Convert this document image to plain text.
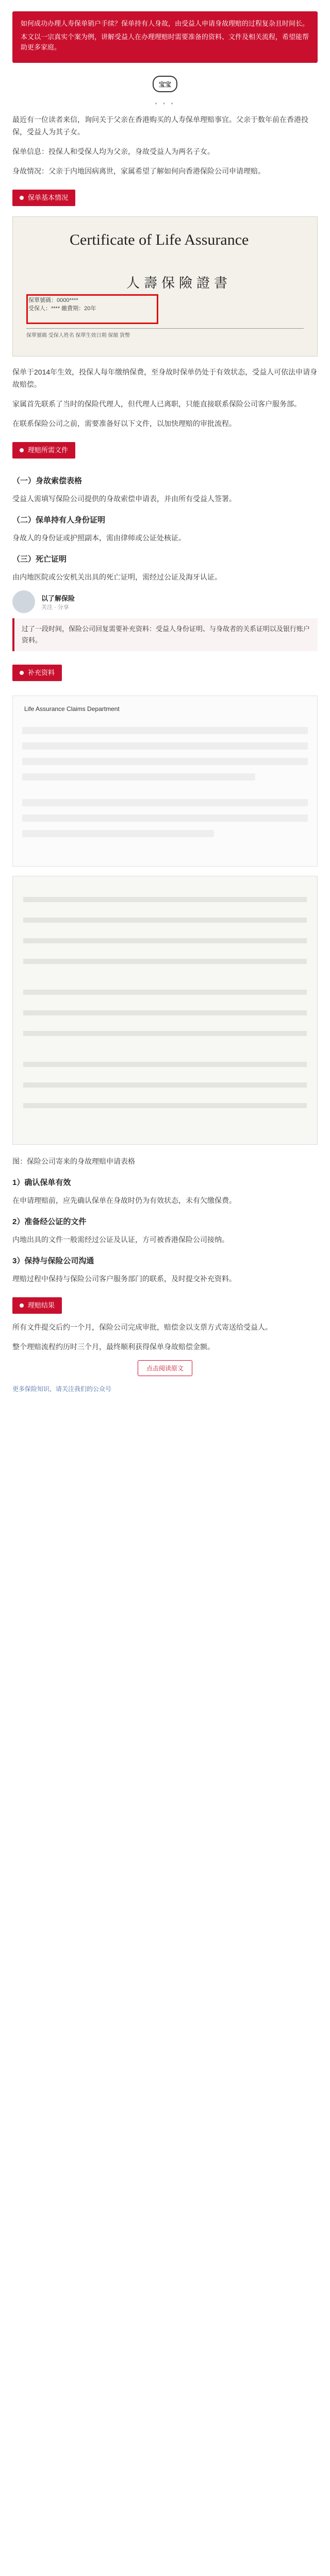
如何成功办理人寿保单销户手续？保单持有人身故，由受益人申请身故理赔的过程复杂且时间长。

本文以一宗真实个案为例，讲解受益人在办理理赔时需要准备的资料、文件及相关流程，希望能帮助更多家庭。

宝宝
• • •

最近有一位读者来信，询问关于父亲在香港购买的人寿保单理赔事宜。父亲于数年前在香港投保，受益人为其子女。

保单信息：投保人和受保人均为父亲，身故受益人为两名子女。

身故情况：父亲于内地因病离世，家属希望了解如何向香港保险公司申请理赔。

保单基本情况
Certificate of Life Assurance
人壽保險證書
保單號碼：0000****
受保人：**** 繳費期：20年
保單號碼 受保人姓名 保單生效日期 保額 貨幣

保单于2014年生效，投保人每年缴纳保费，至身故时保单仍处于有效状态，受益人可依法申请身故赔偿。

家属首先联系了当时的保险代理人，但代理人已离职，只能直接联系保险公司客户服务部。

在联系保险公司之前，需要准备好以下文件，以加快理赔的审批流程。

理赔所需文件
（一）身故索偿表格

受益人需填写保险公司提供的身故索偿申请表，并由所有受益人签署。

（二）保单持有人身份证明

身故人的身份证或护照副本，需由律师或公证处核证。

（三）死亡证明

由内地医院或公安机关出具的死亡证明，需经过公证及海牙认证。

以了解保险
关注 · 分享
过了一段时间，保险公司回复需要补充资料：受益人身份证明、与身故者的关系证明以及银行账户资料。
补充资料
Life Assurance Claims Department

图：保险公司寄来的身故理赔申请表格

1）确认保单有效

在申请理赔前，应先确认保单在身故时仍为有效状态，未有欠缴保费。

2）准备经公证的文件

内地出具的文件一般需经过公证及认证，方可被香港保险公司接纳。

3）保持与保险公司沟通

理赔过程中保持与保险公司客户服务部门的联系，及时提交补充资料。

理赔结果

所有文件提交后约一个月，保险公司完成审批，赔偿金以支票方式寄送给受益人。

整个理赔流程约历时三个月，最终顺利获得保单身故赔偿金额。

点击阅读原文
更多保险知识，请关注我们的公众号
